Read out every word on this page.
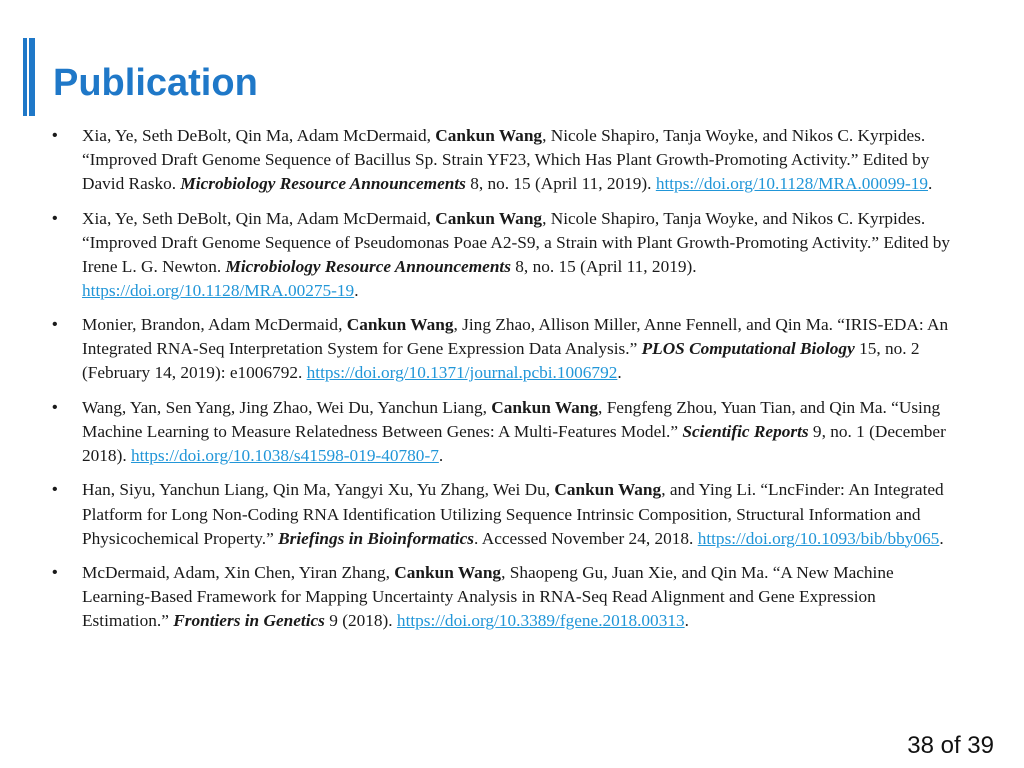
Publication
• Xia, Ye, Seth DeBolt, Qin Ma, Adam McDermaid, Cankun Wang, Nicole Shapiro, Tanja Woyke, and Nikos C. Kyrpides. “Improved Draft Genome Sequence of Bacillus Sp. Strain YF23, Which Has Plant Growth-Promoting Activity.” Edited by David Rasko. Microbiology Resource Announcements 8, no. 15 (April 11, 2019). https://doi.org/10.1128/MRA.00099-19.
• Xia, Ye, Seth DeBolt, Qin Ma, Adam McDermaid, Cankun Wang, Nicole Shapiro, Tanja Woyke, and Nikos C. Kyrpides. “Improved Draft Genome Sequence of Pseudomonas Poae A2-S9, a Strain with Plant Growth-Promoting Activity.” Edited by Irene L. G. Newton. Microbiology Resource Announcements 8, no. 15 (April 11, 2019). https://doi.org/10.1128/MRA.00275-19.
• Monier, Brandon, Adam McDermaid, Cankun Wang, Jing Zhao, Allison Miller, Anne Fennell, and Qin Ma. “IRIS-EDA: An Integrated RNA-Seq Interpretation System for Gene Expression Data Analysis.” PLOS Computational Biology 15, no. 2 (February 14, 2019): e1006792. https://doi.org/10.1371/journal.pcbi.1006792.
• Wang, Yan, Sen Yang, Jing Zhao, Wei Du, Yanchun Liang, Cankun Wang, Fengfeng Zhou, Yuan Tian, and Qin Ma. “Using Machine Learning to Measure Relatedness Between Genes: A Multi-Features Model.” Scientific Reports 9, no. 1 (December 2018). https://doi.org/10.1038/s41598-019-40780-7.
• Han, Siyu, Yanchun Liang, Qin Ma, Yangyi Xu, Yu Zhang, Wei Du, Cankun Wang, and Ying Li. “LncFinder: An Integrated Platform for Long Non-Coding RNA Identification Utilizing Sequence Intrinsic Composition, Structural Information and Physicochemical Property.” Briefings in Bioinformatics. Accessed November 24, 2018. https://doi.org/10.1093/bib/bby065.
• McDermaid, Adam, Xin Chen, Yiran Zhang, Cankun Wang, Shaopeng Gu, Juan Xie, and Qin Ma. “A New Machine Learning-Based Framework for Mapping Uncertainty Analysis in RNA-Seq Read Alignment and Gene Expression Estimation.” Frontiers in Genetics 9 (2018). https://doi.org/10.3389/fgene.2018.00313.
38 of 39
